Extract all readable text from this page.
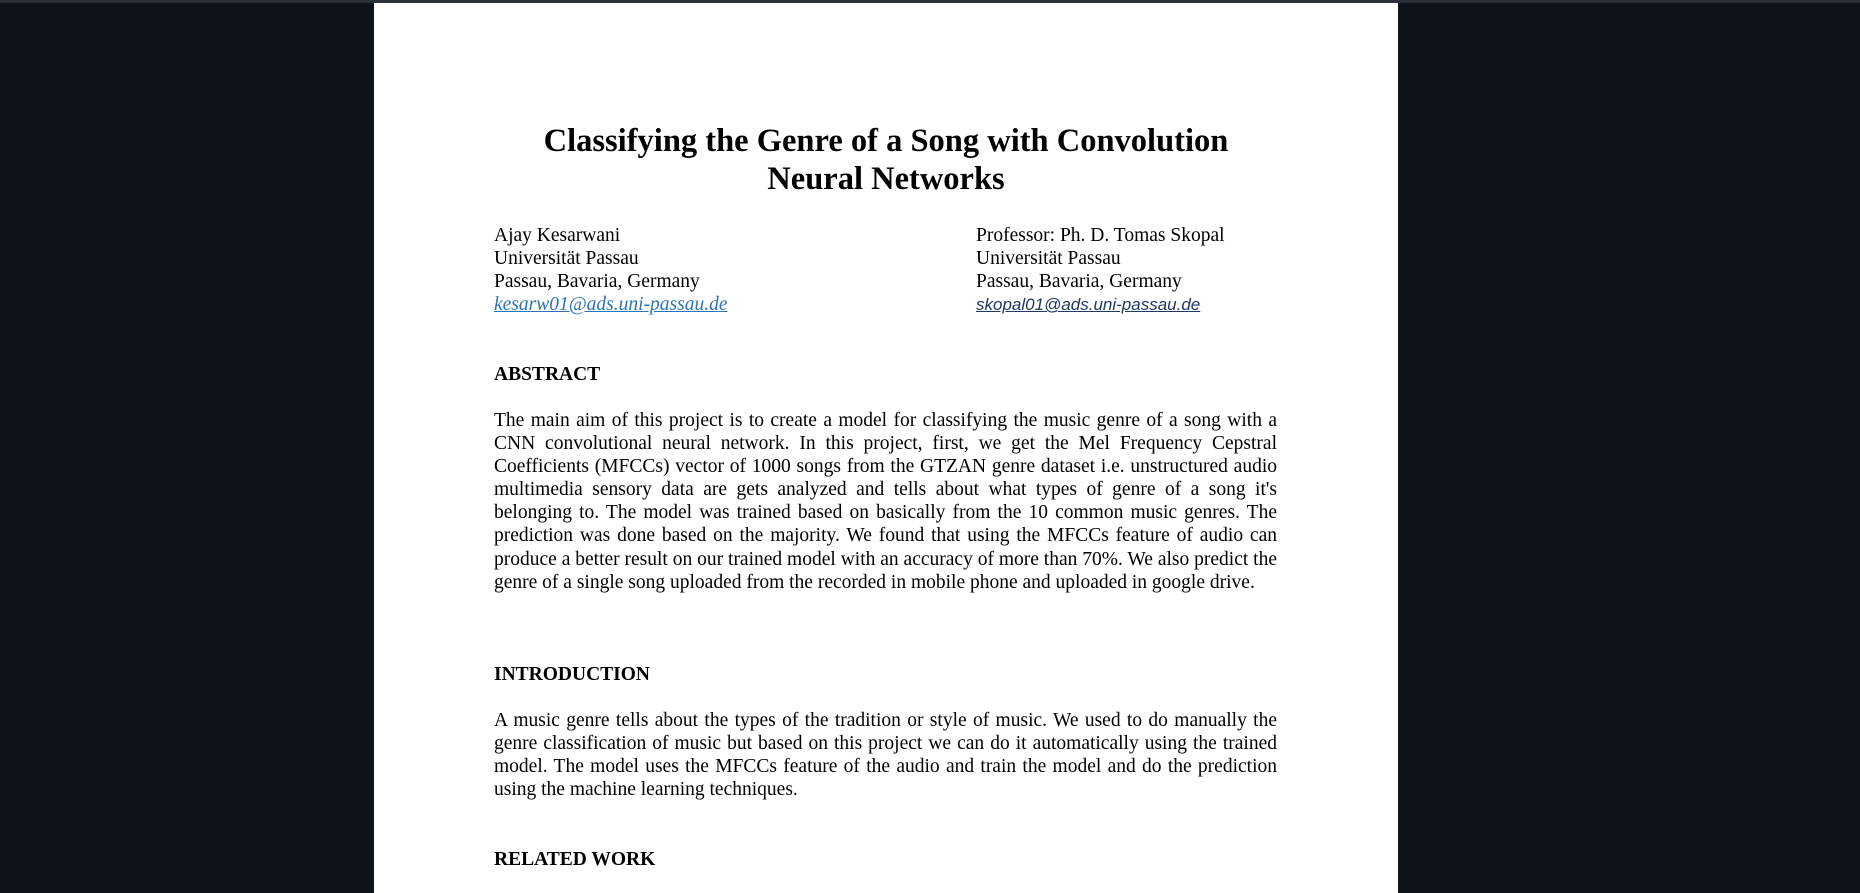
Classifying the Genre of a Song with Convolution
Neural Networks
Ajay Kesarwani
Universität Passau
Passau, Bavaria, Germany
kesarw01@ads.uni-passau.de
Professor: Ph. D. Tomas Skopal
Universität Passau
Passau, Bavaria, Germany
skopal01@ads.uni-passau.de
ABSTRACT

The main aim of this project is to create a model for classifying the music genre of a song with a CNN convolutional neural network. In this project, first, we get the Mel Frequency Cepstral Coefficients (MFCCs) vector of 1000 songs from the GTZAN genre dataset i.e. unstructured audio multimedia sensory data are gets analyzed and tells about what types of genre of a song it's belonging to. The model was trained based on basically from the 10 common music genres. The prediction was done based on the majority. We found that using the MFCCs feature of audio can produce a better result on our trained model with an accuracy of more than 70%. We also predict the genre of a single song uploaded from the recorded in mobile phone and uploaded in google drive.

INTRODUCTION

A music genre tells about the types of the tradition or style of music. We used to do manually the genre classification of music but based on this project we can do it automatically using the trained model. The model uses the MFCCs feature of the audio and train the model and do the prediction using the machine learning techniques.

RELATED WORK
